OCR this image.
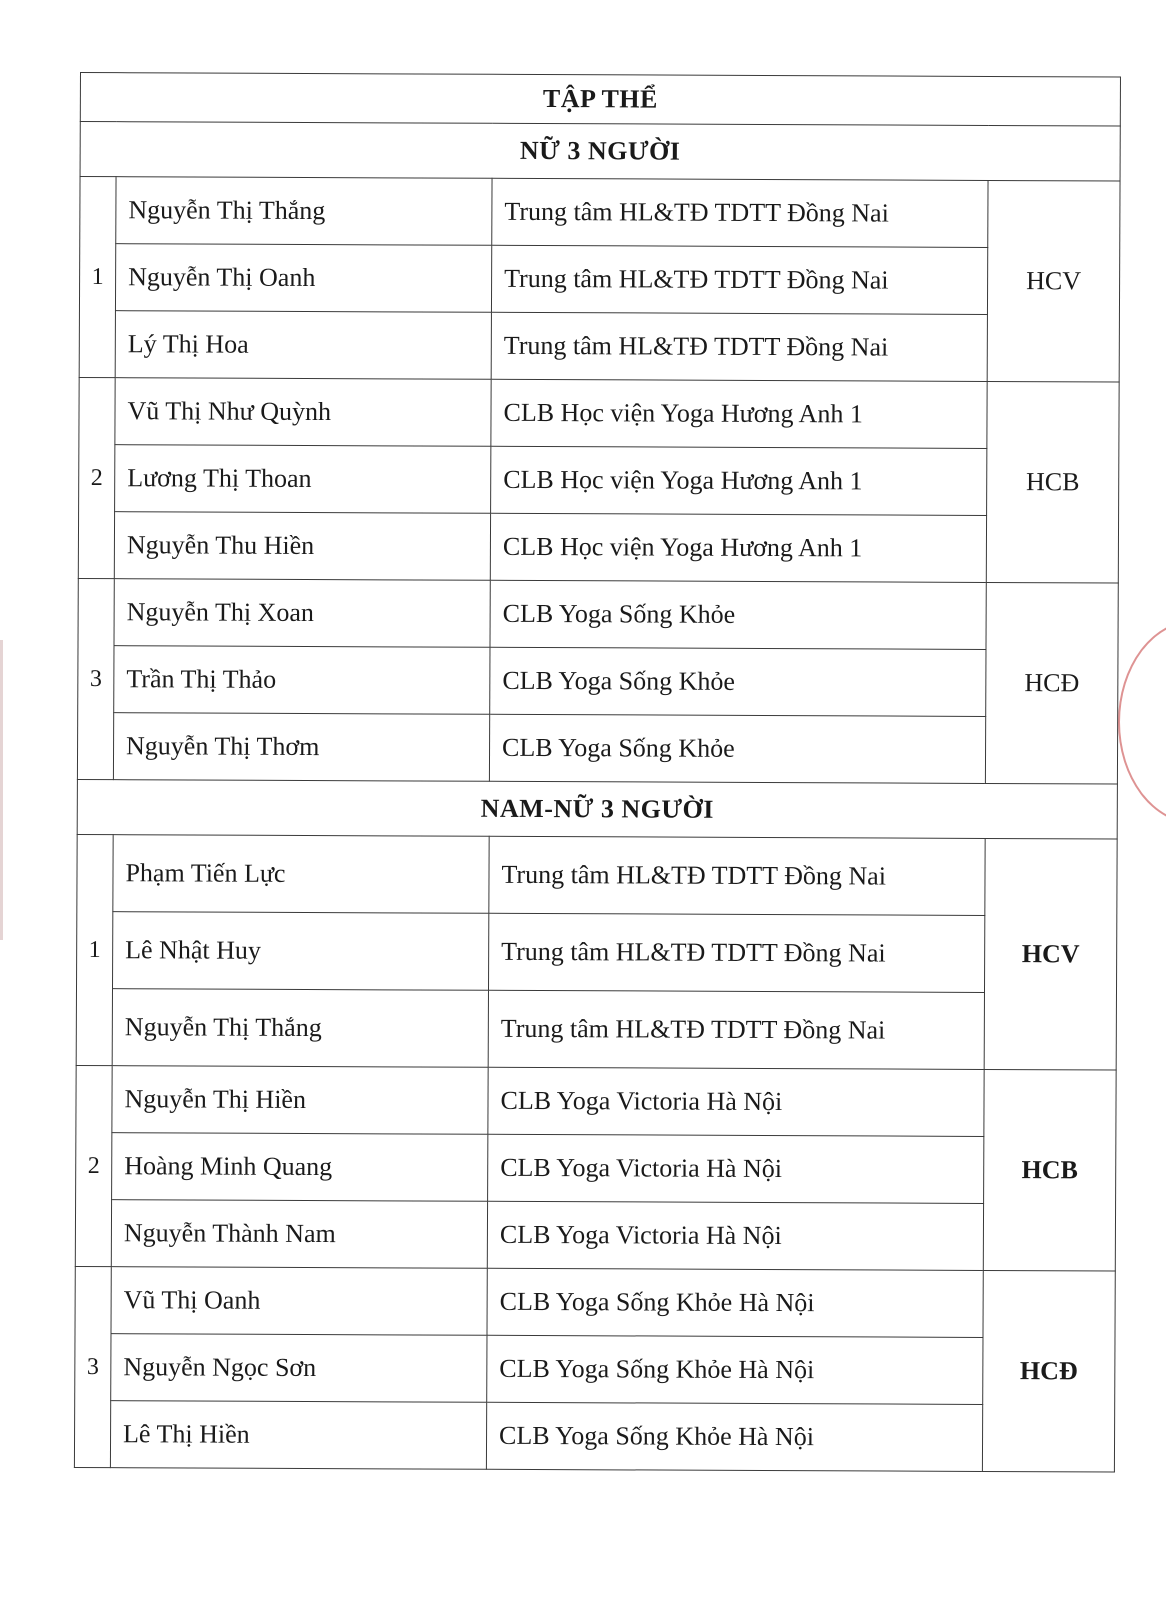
TẬP THỂ			
NỮ 3 NGƯỜI			
1	Nguyễn Thị Thắng	Trung tâm HL&TĐ TDTT Đồng Nai	HCV
	Nguyễn Thị Oanh	Trung tâm HL&TĐ TDTT Đồng Nai	
	Lý Thị Hoa	Trung tâm HL&TĐ TDTT Đồng Nai	
2	Vũ Thị Như Quỳnh	CLB Học viện Yoga Hương Anh 1	HCB
	Lương Thị Thoan	CLB Học viện Yoga Hương Anh 1	
	Nguyễn Thu Hiền	CLB Học viện Yoga Hương Anh 1	
3	Nguyễn Thị Xoan	CLB Yoga Sống Khỏe	HCĐ
	Trần Thị Thảo	CLB Yoga Sống Khỏe	
	Nguyễn Thị Thơm	CLB Yoga Sống Khỏe	
NAM-NỮ 3 NGƯỜI			
1	Phạm Tiến Lực	Trung tâm HL&TĐ TDTT Đồng Nai	HCV
	Lê Nhật Huy	Trung tâm HL&TĐ TDTT Đồng Nai	
	Nguyễn Thị Thắng	Trung tâm HL&TĐ TDTT Đồng Nai	
2	Nguyễn Thị Hiền	CLB Yoga Victoria Hà Nội	HCB
	Hoàng Minh Quang	CLB Yoga Victoria Hà Nội	
	Nguyễn Thành Nam	CLB Yoga Victoria Hà Nội	
3	Vũ Thị Oanh	CLB Yoga Sống Khỏe Hà Nội	HCĐ
	Nguyễn Ngọc Sơn	CLB Yoga Sống Khỏe Hà Nội	
	Lê Thị Hiền	CLB Yoga Sống Khỏe Hà Nội	
